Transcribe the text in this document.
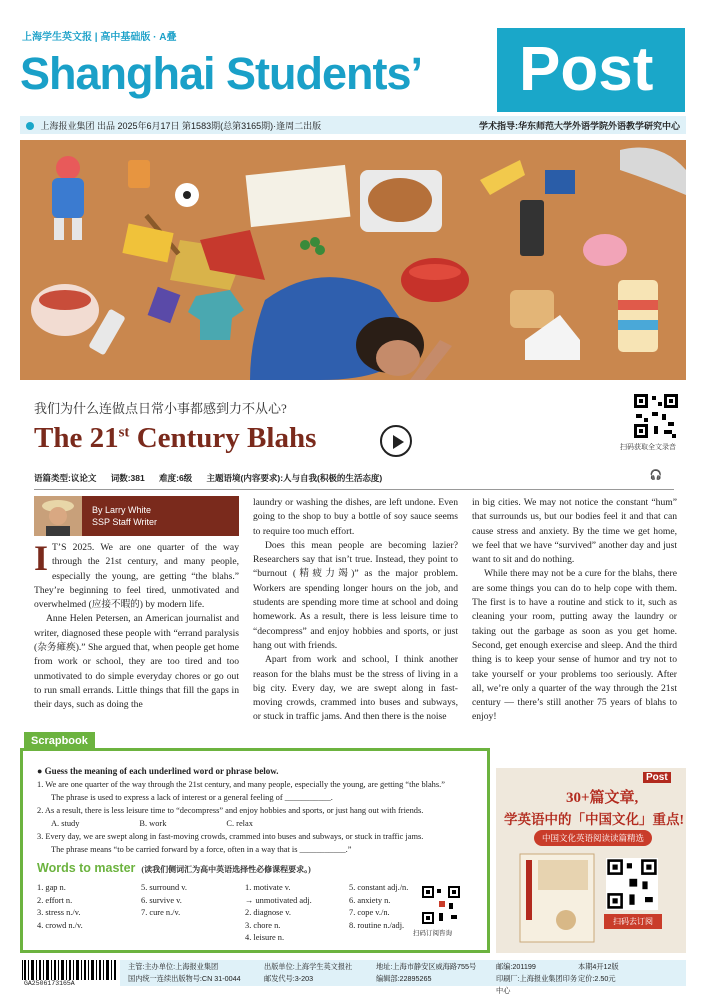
上海学生英文报 | 高中基础版 · A叠
Shanghai Students’	Post
上海报业集团 出品 2025年6月17日 第1583期(总第3165期)·逢周二出版	学术指导:华东师范大学外语学院外语教学研究中心
我们为什么连做点日常小事都感到力不从心?
The 21st Century Blahs	扫码获取全文录音
语篇类型:议论文 词数:381 难度:6级 主题语境(内容要求):人与自我(积极的生活态度)	🎧
By Larry White
SSP Staff Writer
I T’S 2025. We are one quarter of the way through the 21st century, and many people, especially the young, are getting “the blahs.” They’re beginning to feel tired, unmotivated and overwhelmed (应接不暇的) by modern life.

Anne Helen Petersen, an American journalist and writer, diagnosed these people with “errand paralysis (杂务瘫痪).” She argued that, when people get home from work or school, they are too tired and too unmotivated to do simple everyday chores or go out to run small errands. Little things that fill the gaps in their days, such as doing the

laundry or washing the dishes, are left undone. Even going to the shop to buy a bottle of soy sauce seems to require too much effort.

Does this mean people are becoming lazier? Researchers say that isn’t true. Instead, they point to “burnout (精疲力竭)” as the major problem. Workers are spending longer hours on the job, and students are spending more time at school and doing homework. As a result, there is less leisure time to “decompress” and enjoy hobbies and sports, or just hang out with friends.

Apart from work and school, I think another reason for the blahs must be the stress of living in a big city. Every day, we are swept along in fast-moving crowds, crammed into buses and subways, or stuck in traffic jams. And then there is the noise

in big cities. We may not notice the constant “hum” that surrounds us, but our bodies feel it and that can cause stress and anxiety. By the time we get home, we feel that we have “survived” another day and just want to sit and do nothing.

While there may not be a cure for the blahs, there are some things you can do to help cope with them. The first is to have a routine and stick to it, such as cleaning your room, putting away the laundry or taking out the garbage as soon as you get home. Second, get enough exercise and sleep. And the third thing is to keep your sense of humor and try not to take yourself or your problems too seriously. After all, we’re only a quarter of the way through the 21st century — there’s still another 75 years of blahs to enjoy!

Scrapbook
● Guess the meaning of each underlined word or phrase below.
1. We are one quarter of the way through the 21st century, and many people, especially the young, are getting “the blahs.”
The phrase is used to express a lack of interest or a general feeling of ___________.
2. As a result, there is less leisure time to “decompress” and enjoy hobbies and sports, or just hang out with friends.
A. study	B. work	C. relax
3. Every day, we are swept along in fast-moving crowds, crammed into buses and subways, or stuck in traffic jams.
The phrase means “to be carried forward by a force, often in a way that is ___________.”
Words to master (读我们侧词汇为高中英语选择性必修课程要求。)
1. gap n.
2. effort n.
3. stress n./v.
4. crowd n./v.
5. surround v.
6. survive v.
7. cure n./v.
1. motivate v.
→ unmotivated adj.
2. diagnose v.
3. chore n.
4. leisure n.
5. constant adj./n.
6. anxiety n.
7. cope v./n.
8. routine n./adj.
扫码订阅咨询
Post
30+篇文章,
学英语中的「中国文化」重点!
中国文化英语阅读读篇精选
扫码去订阅
GA2506173165A
主管:主办单位:上海报业集团	出版单位:上海学生英文报社	地址:上海市静安区威海路755号	邮编:201199	本期4开12版
国内统一连续出版物号:CN 31-0044	邮发代号:3-203	编辑部:22895265	印刷厂:上海报业集团印务中心
定价:2.50元
